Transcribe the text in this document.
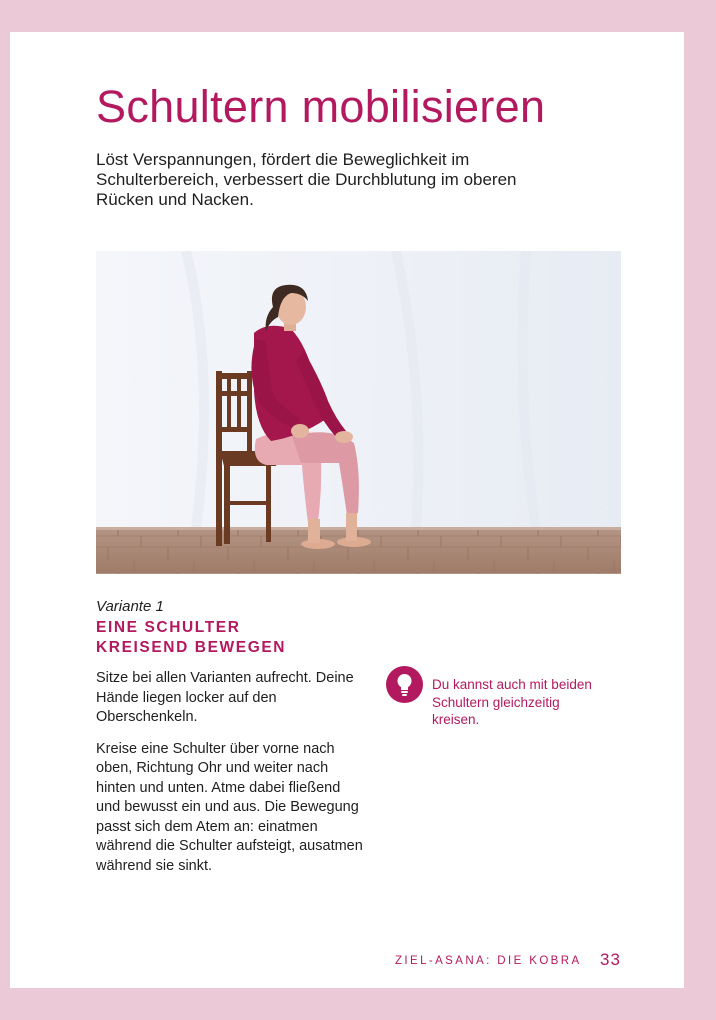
Schultern mobilisieren

Löst Verspannungen, fördert die Beweglichkeit im Schulterbereich, verbessert die Durchblutung im oberen Rücken und Nacken.

Variante 1

EINE SCHULTER
KREISEND BEWEGEN

Sitze bei allen Varianten aufrecht. Deine Hände liegen locker auf den Oberschenkeln.

Kreise eine Schulter über vorne nach oben, Richtung Ohr und weiter nach hinten und unten. Atme dabei fließend und bewusst ein und aus. Die Bewegung passt sich dem Atem an: einatmen während die Schulter aufsteigt, ausatmen während sie sinkt.

Du kannst auch mit beiden Schultern gleichzeitig kreisen.

ZIEL-ASANA: DIE KOBRA 33
